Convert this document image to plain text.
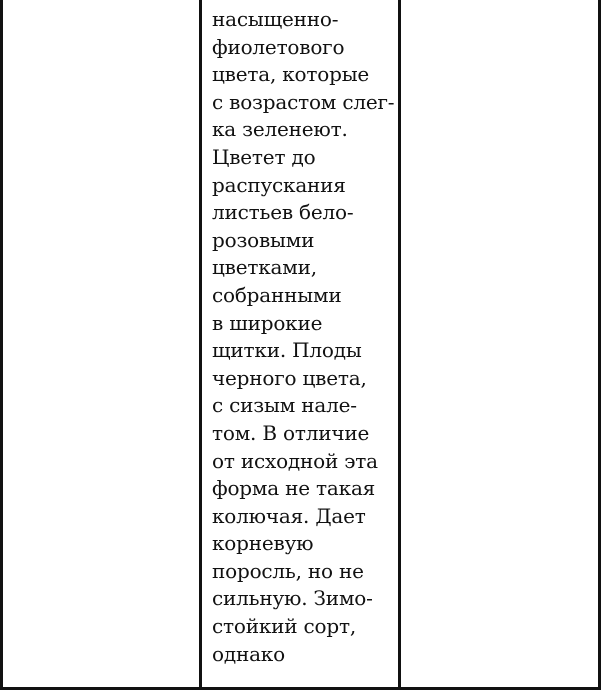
насыщенно-
фиолетового
цвета, которые
с возрастом слег-
ка зеленеют.
Цветет до
распускания
листьев бело-
розовыми
цветками,
собранными
в широкие
щитки. Плоды
черного цвета,
с сизым нале-
том. В отличие
от исходной эта
форма не такая
колючая. Дает
корневую
поросль, но не
сильную. Зимо-
стойкий сорт,
однако
